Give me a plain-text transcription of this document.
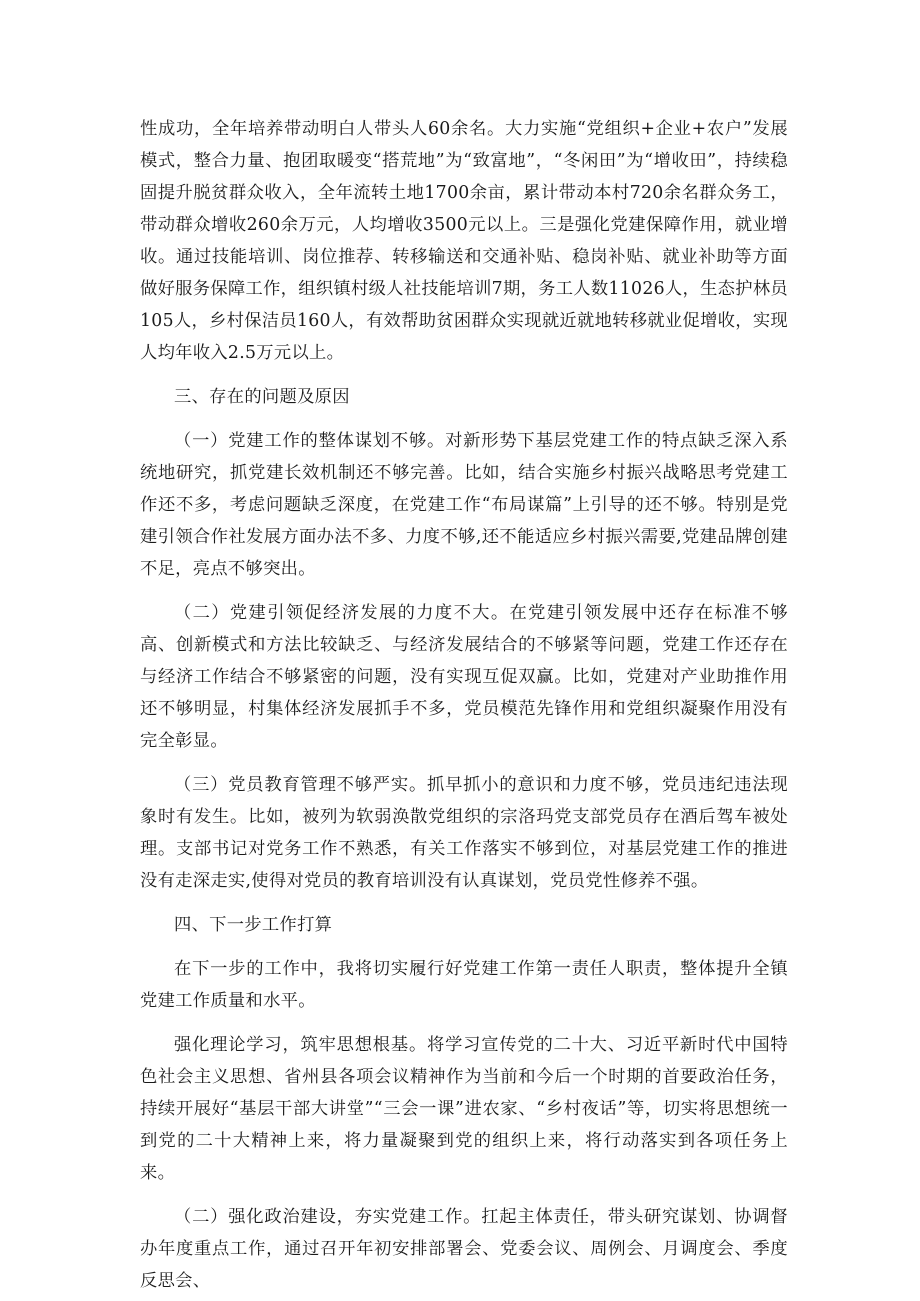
性成功，全年培养带动明白人带头人60余名。大力实施“党组织+企业+农户”发展模式，整合力量、抱团取暖变“搭荒地”为“致富地”，“冬闲田”为“增收田”，持续稳固提升脱贫群众收入，全年流转土地1700余亩，累计带动本村720余名群众务工，带动群众增收260余万元，人均增收3500元以上。三是强化党建保障作用，就业增收。通过技能培训、岗位推荐、转移输送和交通补贴、稳岗补贴、就业补助等方面做好服务保障工作，组织镇村级人社技能培训7期，务工人数11026人，生态护林员105人，乡村保洁员160人，有效帮助贫困群众实现就近就地转移就业促增收，实现人均年收入2.5万元以上。

三、存在的问题及原因

（一）党建工作的整体谋划不够。对新形势下基层党建工作的特点缺乏深入系统地研究，抓党建长效机制还不够完善。比如，结合实施乡村振兴战略思考党建工作还不多，考虑问题缺乏深度，在党建工作“布局谋篇”上引导的还不够。特别是党建引领合作社发展方面办法不多、力度不够,还不能适应乡村振兴需要,党建品牌创建不足，亮点不够突出。

（二）党建引领促经济发展的力度不大。在党建引领发展中还存在标准不够高、创新模式和方法比较缺乏、与经济发展结合的不够紧等问题，党建工作还存在与经济工作结合不够紧密的问题，没有实现互促双赢。比如，党建对产业助推作用还不够明显，村集体经济发展抓手不多，党员模范先锋作用和党组织凝聚作用没有完全彰显。

（三）党员教育管理不够严实。抓早抓小的意识和力度不够，党员违纪违法现象时有发生。比如，被列为软弱涣散党组织的宗洛玛党支部党员存在酒后驾车被处理。支部书记对党务工作不熟悉，有关工作落实不够到位，对基层党建工作的推进没有走深走实,使得对党员的教育培训没有认真谋划，党员党性修养不强。

四、下一步工作打算

在下一步的工作中，我将切实履行好党建工作第一责任人职责，整体提升全镇党建工作质量和水平。

强化理论学习，筑牢思想根基。将学习宣传党的二十大、习近平新时代中国特色社会主义思想、省州县各项会议精神作为当前和今后一个时期的首要政治任务，持续开展好“基层干部大讲堂”“三会一课”进农家、“乡村夜话”等，切实将思想统一到党的二十大精神上来，将力量凝聚到党的组织上来，将行动落实到各项任务上来。

（二）强化政治建设，夯实党建工作。扛起主体责任，带头研究谋划、协调督办年度重点工作，通过召开年初安排部署会、党委会议、周例会、月调度会、季度反思会、
